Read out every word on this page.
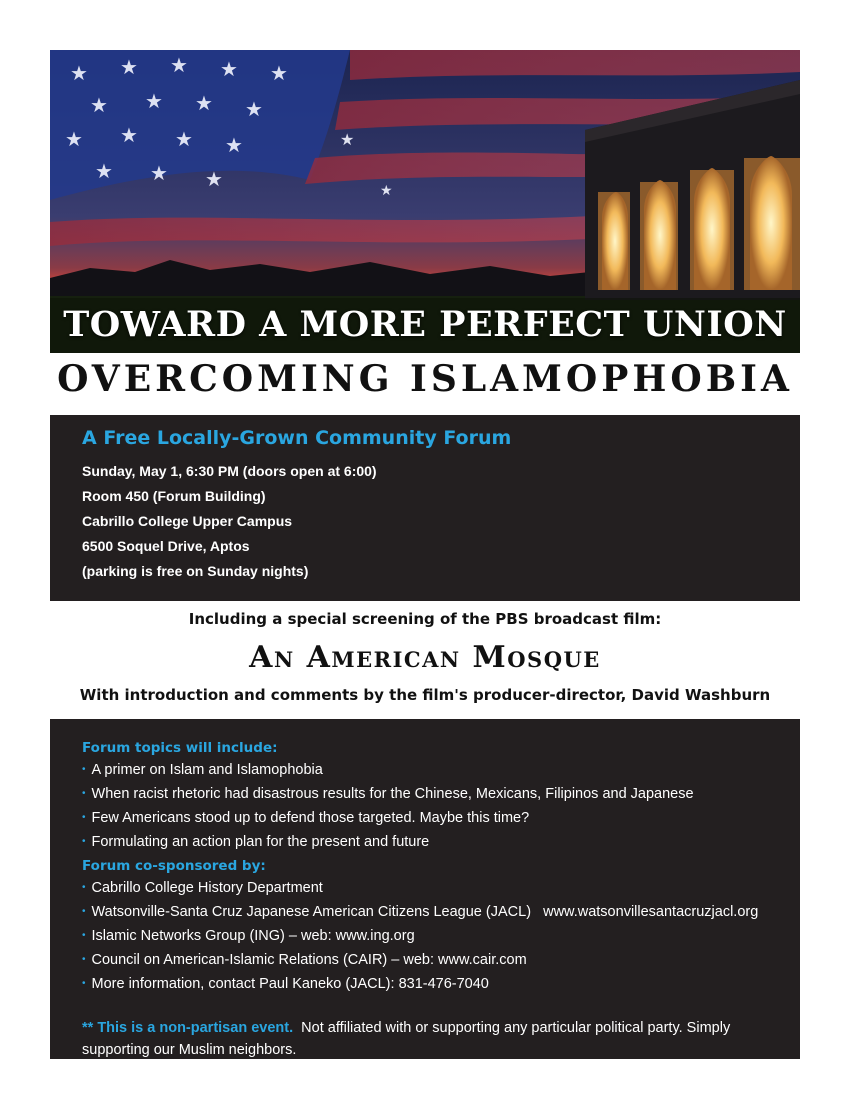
★ ★ ★ ★ ★
★ ★ ★ ★
★ ★ ★ ★
★ ★ ★
★
★
TOWARD A MORE PERFECT UNION
OVERCOMING ISLAMOPHOBIA
A Free Locally-Grown Community Forum
Sunday, May 1, 6:30 PM (doors open at 6:00)
Room 450 (Forum Building)
Cabrillo College Upper Campus
6500 Soquel Drive, Aptos
(parking is free on Sunday nights)
Including a special screening of the PBS broadcast film:
An American Mosque
With introduction and comments by the film's producer-director, David Washburn
Forum topics will include:
• A primer on Islam and Islamophobia
• When racist rhetoric had disastrous results for the Chinese, Mexicans, Filipinos and Japanese
• Few Americans stood up to defend those targeted. Maybe this time?
• Formulating an action plan for the present and future
Forum co-sponsored by:
• Cabrillo College History Department
• Watsonville-Santa Cruz Japanese American Citizens League (JACL)   www.watsonvillesantacruzjacl.org
• Islamic Networks Group (ING) – web: www.ing.org
• Council on American-Islamic Relations (CAIR) – web: www.cair.com
• More information, contact Paul Kaneko (JACL): 831-476-7040
** This is a non-partisan event.  Not affiliated with or supporting any particular political party. Simply supporting our Muslim neighbors.
